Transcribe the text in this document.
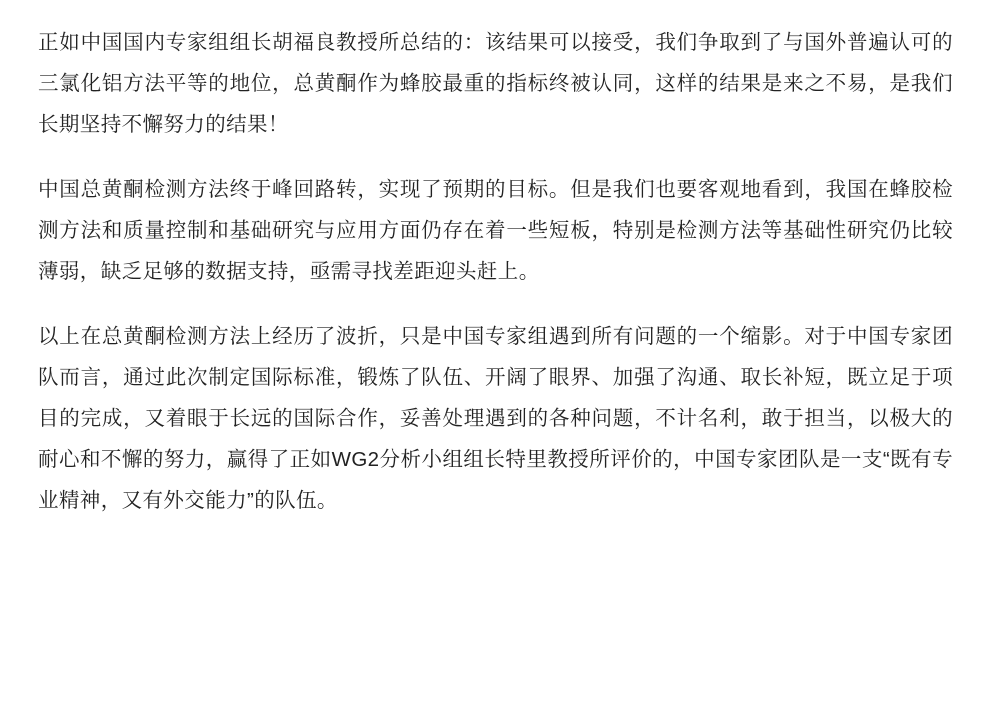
正如中国国内专家组组长胡福良教授所总结的：该结果可以接受，我们争取到了与国外普遍认可的三氯化铝方法平等的地位，总黄酮作为蜂胶最重的指标终被认同，这样的结果是来之不易，是我们长期坚持不懈努力的结果！

中国总黄酮检测方法终于峰回路转，实现了预期的目标。但是我们也要客观地看到，我国在蜂胶检测方法和质量控制和基础研究与应用方面仍存在着一些短板，特别是检测方法等基础性研究仍比较薄弱，缺乏足够的数据支持，亟需寻找差距迎头赶上。

以上在总黄酮检测方法上经历了波折，只是中国专家组遇到所有问题的一个缩影。对于中国专家团队而言，通过此次制定国际标准，锻炼了队伍、开阔了眼界、加强了沟通、取长补短，既立足于项目的完成，又着眼于长远的国际合作，妥善处理遇到的各种问题，不计名利，敢于担当，以极大的耐心和不懈的努力，赢得了正如WG2分析小组组长特里教授所评价的，中国专家团队是一支“既有专业精神，又有外交能力”的队伍。
